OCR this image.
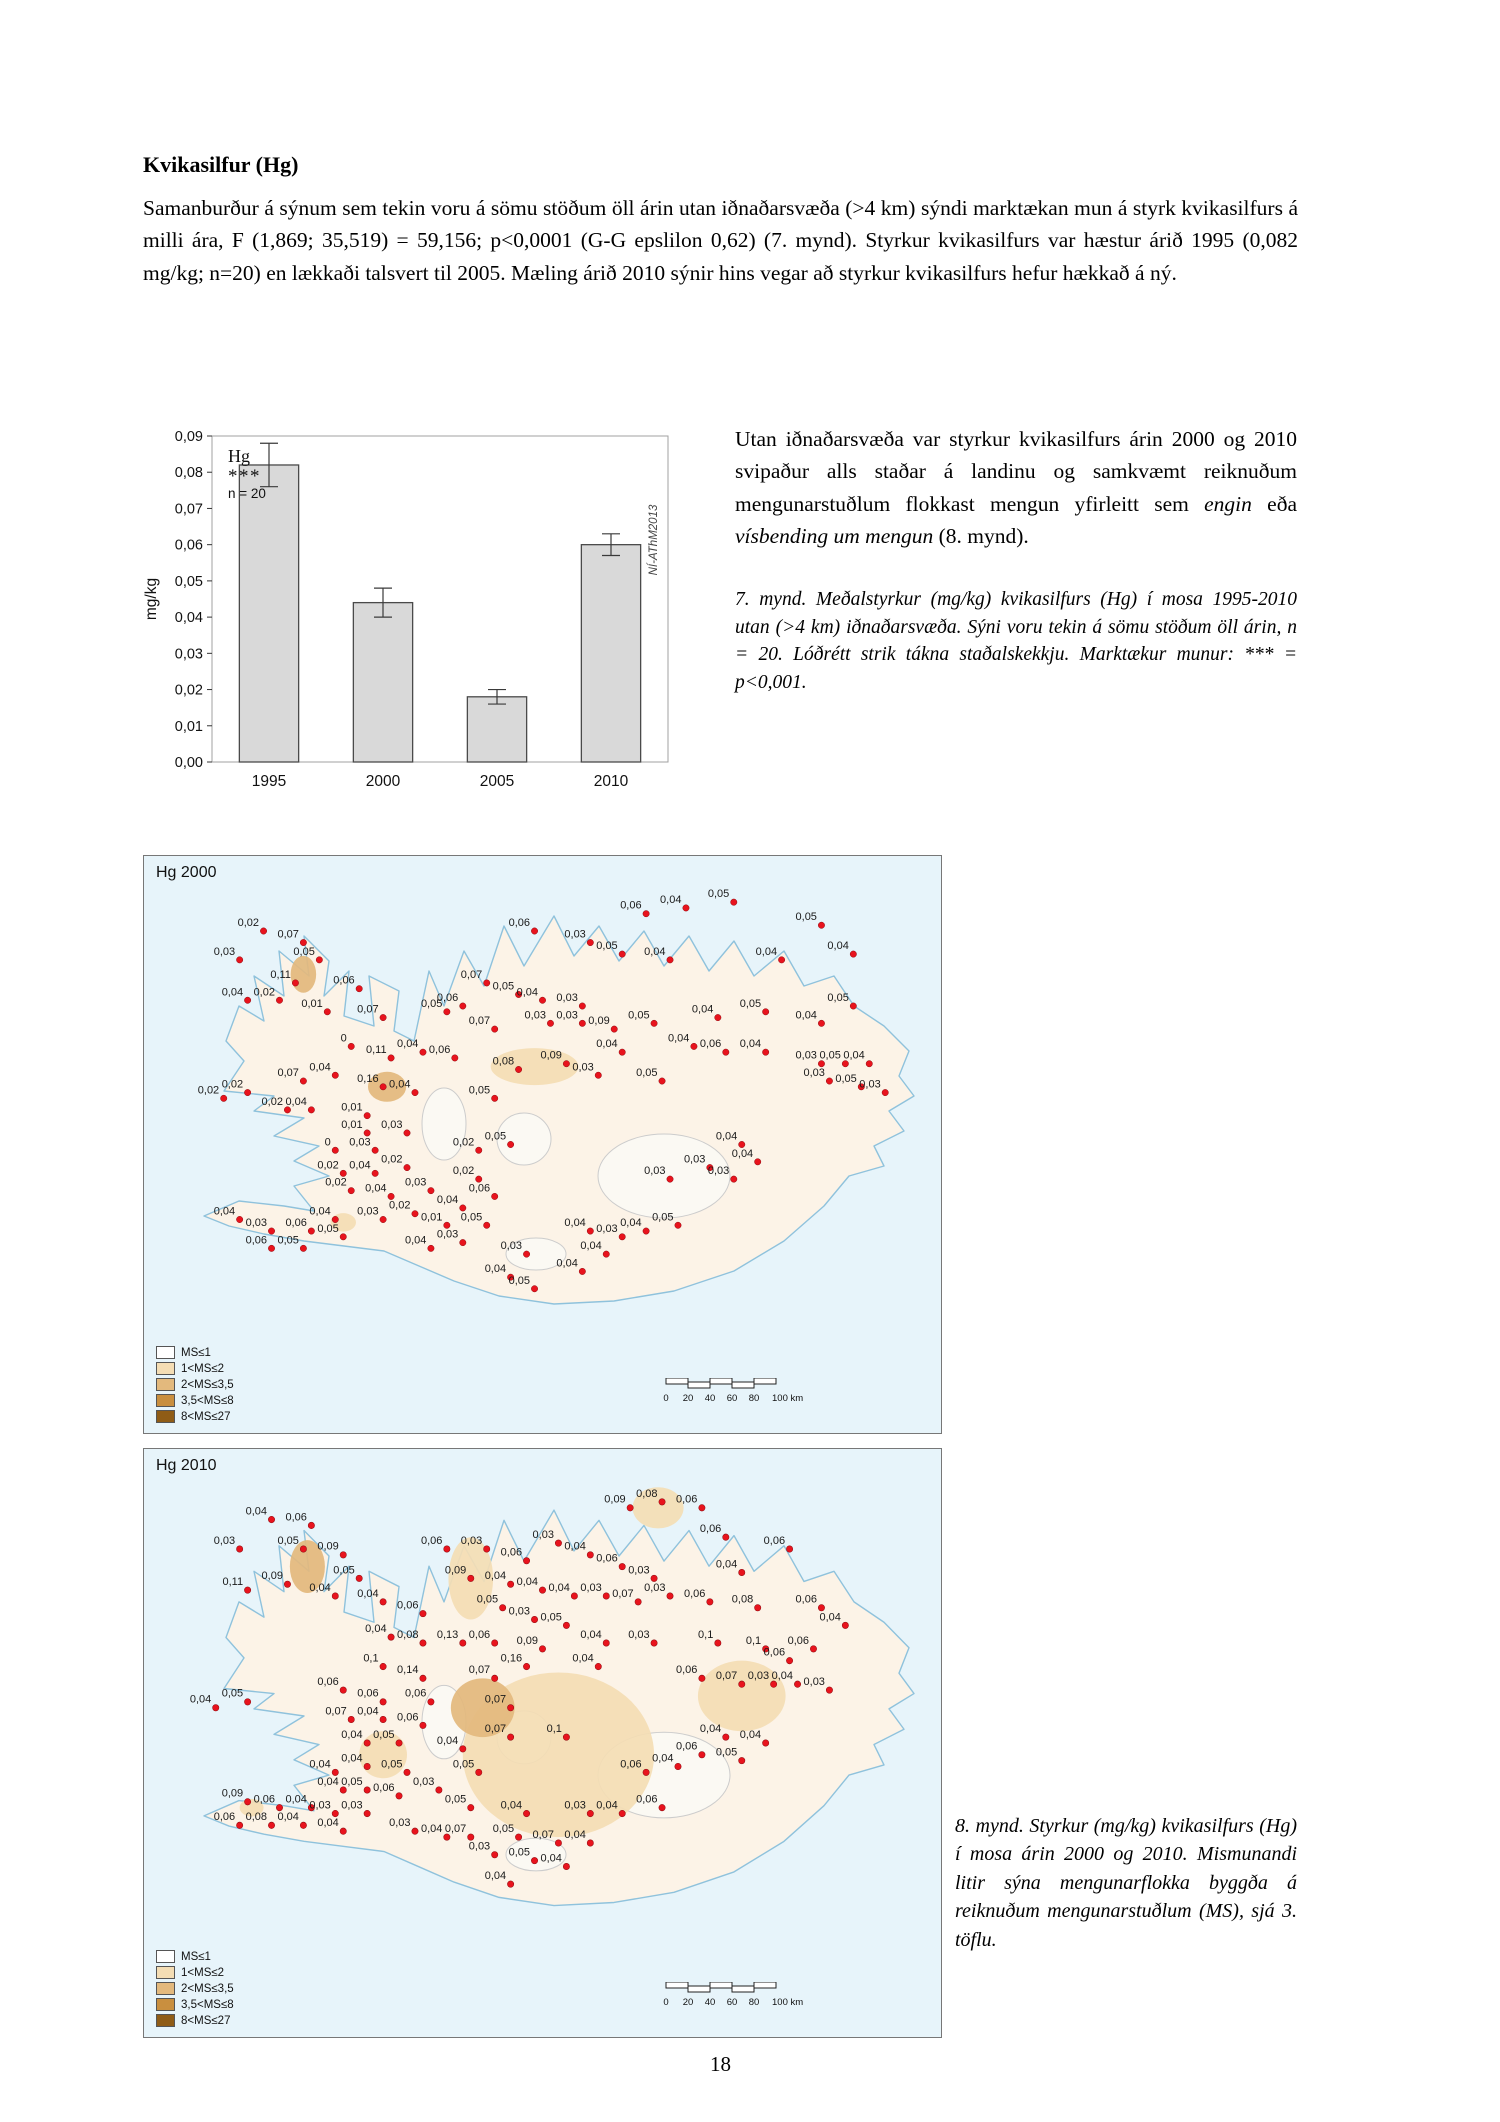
Kvikasilfur (Hg)

Samanburður á sýnum sem tekin voru á sömu stöðum öll árin utan iðnaðarsvæða (>4 km) sýndi marktækan mun á styrk kvikasilfurs á milli ára, F (1,869; 35,519) = 59,156; p<0,0001 (G-G epslilon 0,62) (7. mynd). Styrkur kvikasilfurs var hæstur árið 1995 (0,082 mg/kg; n=20) en lækkaði talsvert til 2005. Mæling árið 2010 sýnir hins vegar að styrkur kvikasilfurs hefur hækkað á ný.

0,00
0,01
0,02
0,03
0,04
0,05
0,06
0,07
0,08
0,09
1995	2000	2005	2010
mg/kg
Hg
***
n = 20
NÍ-AThM2013

Utan iðnaðarsvæða var styrkur kvikasilfurs árin 2000 og 2010 svipaður alls staðar á landinu og samkvæmt reiknuðum mengunarstuðlum flokkast mengun yfirleitt sem engin eða vísbending um mengun (8. mynd).

7. mynd. Meðalstyrkur (mg/kg) kvikasilfurs (Hg) í mosa 1995-2010 utan (>4 km) iðnaðarsvæða. Sýni voru tekin á sömu stöðum öll árin, n = 20. Lóðrétt strik tákna staðalskekkju. Marktækur munur: *** = p<0,001.

0,02
0,07
0,03	0,05
0,11	0,06
0,04 0,02
0,01	0,07	0,05
0,07
0,05
0,06	0,04 0,03
0,06
0,03
0,05 0,04
0,06 0,04 0,05
0,04
0,05
0,04
0,07	0,03 0,03 0,09 0,05	0,04 0,05	0,05
0,04
0
0,11 0,04 0,06
0,08 0,09
0,04	0,04 0,06 0,04
0,04
0,16
0,03
0,03 0,05 0,04
0,07
0,04
0,05	0,03 0,05 0,03
0,02 0,02	0,05
0,02 0,04	0,01
0,01 0,03
0 0,03	0,02 0,05	0,04
0,03 0,04
0,02 0,04 0,02
0,02	0,03	0,03
0,02 0,04 0,03	0,06
0,04
0,04
0,03 0,06 0,05
0,04 0,03 0,02
0,01 0,05
0,03
0,04 0,03 0,04 0,05
0,06 0,05	0,04 0,03
0,04
0,04	0,04
0,05
Hg 2000
MS≤1
1<MS≤2
2<MS≤3,5
3,5<MS≤8
8<MS≤27
0 20 40 60 80 100 km
0,04 0,06
0,03	0,05 0,09
0,05
0,11 0,09
0,04 0,04
0,06
0,09
0,06 0,03
0,06
0,03
0,04
0,06
0,03
0,09 0,08 0,06
0,06
0,06
0,04
0,04 0,04 0,04 0,03 0,07 0,03
0,05
0,03 0,05
0,06 0,08	0,06
0,04
0,04 0,08 0,13 0,06 0,09	0,04 0,03	0,1	0,1
0,06
0,06
0,1
0,14
0,16
0,07
0,04
0,06 0,07 0,03 0,04 0,03
0,06
0,06 0,06	0,07
0,04 0,05
0,07 0,04 0,06
0,07	0,1
0,04 0,05	0,04
0,04 0,04
0,06 0,05
0,04 0,04 0,05	0,05	0,06 0,04
0,04 0,05 0,06 0,03
0,09 0,06 0,04 0,03 0,03	0,05	0,04	0,03 0,04 0,06
0,06 0,08 0,04 0,04	0,03 0,04 0,07 0,05 0,07 0,04
0,03 0,05 0,04
0,04
Hg 2010
MS≤1
1<MS≤2
2<MS≤3,5
3,5<MS≤8
8<MS≤27
0 20 40 60 80 100 km

8. mynd. Styrkur (mg/kg) kvikasilfurs (Hg) í mosa árin 2000 og 2010. Mismunandi litir sýna mengunarflokka byggða á reiknuðum mengunarstuðlum (MS), sjá 3. töflu.

18
